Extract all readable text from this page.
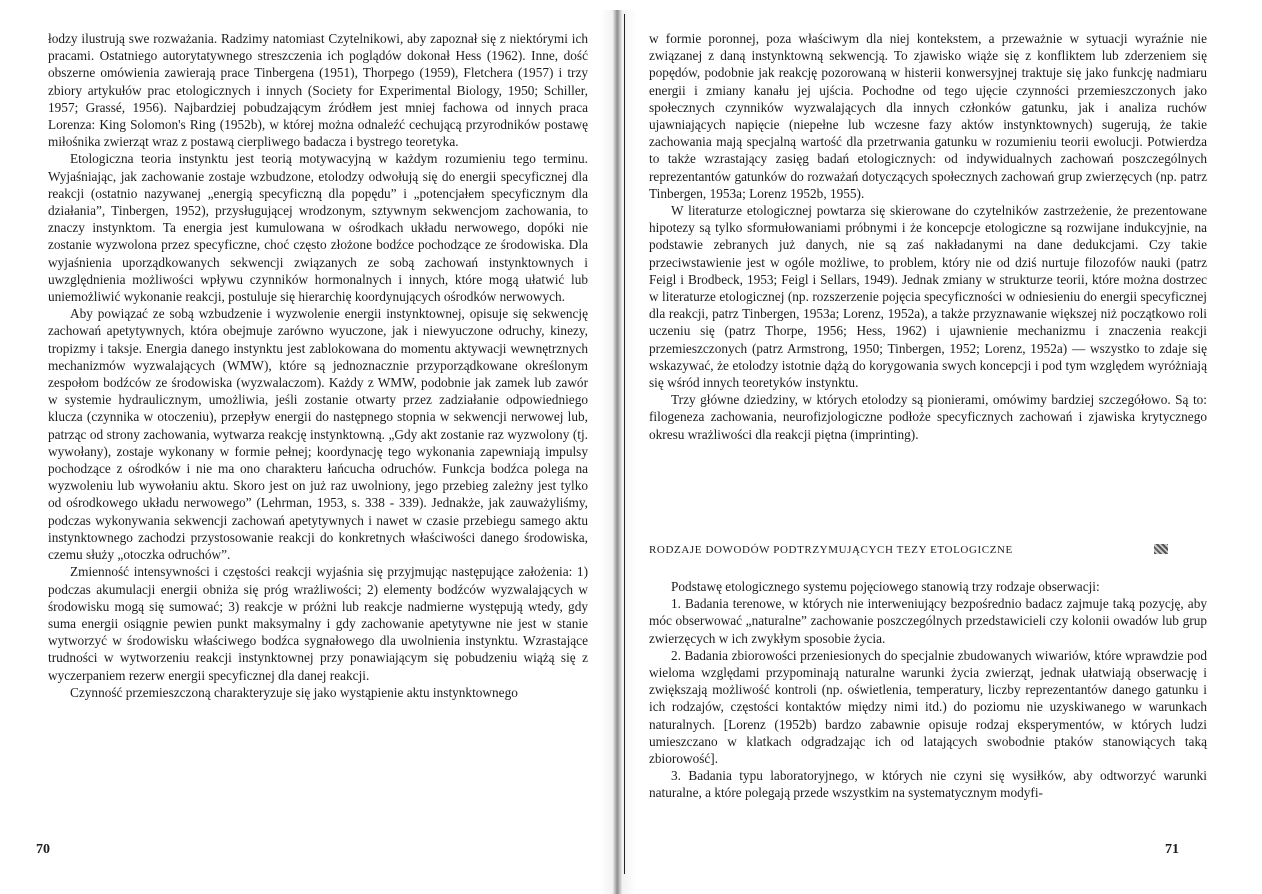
łodzy ilustrują swe rozważania. Radzimy natomiast Czytelnikowi, aby zapoznał się z niektórymi ich pracami. Ostatniego autorytatywnego streszczenia ich poglądów dokonał Hess (1962). Inne, dość obszerne omówienia zawierają prace Tinbergena (1951), Thorpego (1959), Fletchera (1957) i trzy zbiory artykułów prac etologicznych i innych (Society for Experimental Biology, 1950; Schiller, 1957; Grassé, 1956). Najbardziej pobudzającym źródłem jest mniej fachowa od innych praca Lorenza: King Solomon's Ring (1952b), w której można odnaleźć cechującą przyrodników postawę miłośnika zwierząt wraz z postawą cierpliwego badacza i bystrego teoretyka.

Etologiczna teoria instynktu jest teorią motywacyjną w każdym rozumieniu tego terminu. Wyjaśniając, jak zachowanie zostaje wzbudzone, etolodzy odwołują się do energii specyficznej dla reakcji (ostatnio nazywanej „energią specyficzną dla popędu” i „potencjałem specyficznym dla działania”, Tinbergen, 1952), przysługującej wrodzonym, sztywnym sekwencjom zachowania, to znaczy instynktom. Ta energia jest kumulowana w ośrodkach układu nerwowego, dopóki nie zostanie wyzwolona przez specyficzne, choć często złożone bodźce pochodzące ze środowiska. Dla wyjaśnienia uporządkowanych sekwencji związanych ze sobą zachowań instynktownych i uwzględnienia możliwości wpływu czynników hormonalnych i innych, które mogą ułatwić lub uniemożliwić wykonanie reakcji, postuluje się hierarchię koordynujących ośrodków nerwowych.

Aby powiązać ze sobą wzbudzenie i wyzwolenie energii instynktownej, opisuje się sekwencję zachowań apetytywnych, która obejmuje zarówno wyuczone, jak i niewyuczone odruchy, kinezy, tropizmy i taksje. Energia danego instynktu jest zablokowana do momentu aktywacji wewnętrznych mechanizmów wyzwalających (WMW), które są jednoznacznie przyporządkowane określonym zespołom bodźców ze środowiska (wyzwalaczom). Każdy z WMW, podobnie jak zamek lub zawór w systemie hydraulicznym, umożliwia, jeśli zostanie otwarty przez zadziałanie odpowiedniego klucza (czynnika w otoczeniu), przepływ energii do następnego stopnia w sekwencji nerwowej lub, patrząc od strony zachowania, wytwarza reakcję instynktowną. „Gdy akt zostanie raz wyzwolony (tj. wywołany), zostaje wykonany w formie pełnej; koordynację tego wykonania zapewniają impulsy pochodzące z ośrodków i nie ma ono charakteru łańcucha odruchów. Funkcja bodźca polega na wyzwoleniu lub wywołaniu aktu. Skoro jest on już raz uwolniony, jego przebieg zależny jest tylko od ośrodkowego układu nerwowego” (Lehrman, 1953, s. 338 - 339). Jednakże, jak zauważyliśmy, podczas wykonywania sekwencji zachowań apetytywnych i nawet w czasie przebiegu samego aktu instynktownego zachodzi przystosowanie reakcji do konkretnych właściwości danego środowiska, czemu służy „otoczka odruchów”.

Zmienność intensywności i częstości reakcji wyjaśnia się przyjmując następujące założenia: 1) podczas akumulacji energii obniża się próg wrażliwości; 2) elementy bodźców wyzwalających w środowisku mogą się sumować; 3) reakcje w próżni lub reakcje nadmierne występują wtedy, gdy suma energii osiągnie pewien punkt maksymalny i gdy zachowanie apetytywne nie jest w stanie wytworzyć w środowisku właściwego bodźca sygnałowego dla uwolnienia instynktu. Wzrastające trudności w wytworzeniu reakcji instynktownej przy ponawiającym się pobudzeniu wiążą się z wyczerpaniem rezerw energii specyficznej dla danej reakcji.

Czynność przemieszczoną charakteryzuje się jako wystąpienie aktu instynktownego

70

w formie poronnej, poza właściwym dla niej kontekstem, a przeważnie w sytuacji wyraźnie nie związanej z daną instynktowną sekwencją. To zjawisko wiąże się z konfliktem lub zderzeniem się popędów, podobnie jak reakcję pozorowaną w histerii konwersyjnej traktuje się jako funkcję nadmiaru energii i zmiany kanału jej ujścia. Pochodne od tego ujęcie czynności przemieszczonych jako społecznych czynników wyzwalających dla innych członków gatunku, jak i analiza ruchów ujawniających napięcie (niepełne lub wczesne fazy aktów instynktownych) sugerują, że takie zachowania mają specjalną wartość dla przetrwania gatunku w rozumieniu teorii ewolucji. Potwierdza to także wzrastający zasięg badań etologicznych: od indywidualnych zachowań poszczególnych reprezentantów gatunków do rozważań dotyczących społecznych zachowań grup zwierzęcych (np. patrz Tinbergen, 1953a; Lorenz 1952b, 1955).

W literaturze etologicznej powtarza się skierowane do czytelników zastrzeżenie, że prezentowane hipotezy są tylko sformułowaniami próbnymi i że koncepcje etologiczne są rozwijane indukcyjnie, na podstawie zebranych już danych, nie są zaś nakładanymi na dane dedukcjami. Czy takie przeciwstawienie jest w ogóle możliwe, to problem, który nie od dziś nurtuje filozofów nauki (patrz Feigl i Brodbeck, 1953; Feigl i Sellars, 1949). Jednak zmiany w strukturze teorii, które można dostrzec w literaturze etologicznej (np. rozszerzenie pojęcia specyficzności w odniesieniu do energii specyficznej dla reakcji, patrz Tinbergen, 1953a; Lorenz, 1952a), a także przyznawanie większej niż początkowo roli uczeniu się (patrz Thorpe, 1956; Hess, 1962) i ujawnienie mechanizmu i znaczenia reakcji przemieszczonych (patrz Armstrong, 1950; Tinbergen, 1952; Lorenz, 1952a) — wszystko to zdaje się wskazywać, że etolodzy istotnie dążą do korygowania swych koncepcji i pod tym względem wyróżniają się wśród innych teoretyków instynktu.

Trzy główne dziedziny, w których etolodzy są pionierami, omówimy bardziej szczegółowo. Są to: filogeneza zachowania, neurofizjologiczne podłoże specyficznych zachowań i zjawiska krytycznego okresu wrażliwości dla reakcji piętna (imprinting).

RODZAJE DOWODÓW PODTRZYMUJĄCYCH TEZY ETOLOGICZNE

Podstawę etologicznego systemu pojęciowego stanowią trzy rodzaje obserwacji:

1. Badania terenowe, w których nie interweniujący bezpośrednio badacz zajmuje taką pozycję, aby móc obserwować „naturalne” zachowanie poszczególnych przedstawicieli czy kolonii owadów lub grup zwierzęcych w ich zwykłym sposobie życia.

2. Badania zbiorowości przeniesionych do specjalnie zbudowanych wiwariów, które wprawdzie pod wieloma względami przypominają naturalne warunki życia zwierząt, jednak ułatwiają obserwację i zwiększają możliwość kontroli (np. oświetlenia, temperatury, liczby reprezentantów danego gatunku i ich rodzajów, częstości kontaktów między nimi itd.) do poziomu nie uzyskiwanego w warunkach naturalnych. [Lorenz (1952b) bardzo zabawnie opisuje rodzaj eksperymentów, w których ludzi umieszczano w klatkach odgradzając ich od latających swobodnie ptaków stanowiących taką zbiorowość].

3. Badania typu laboratoryjnego, w których nie czyni się wysiłków, aby odtworzyć warunki naturalne, a które polegają przede wszystkim na systematycznym modyfi-

71
